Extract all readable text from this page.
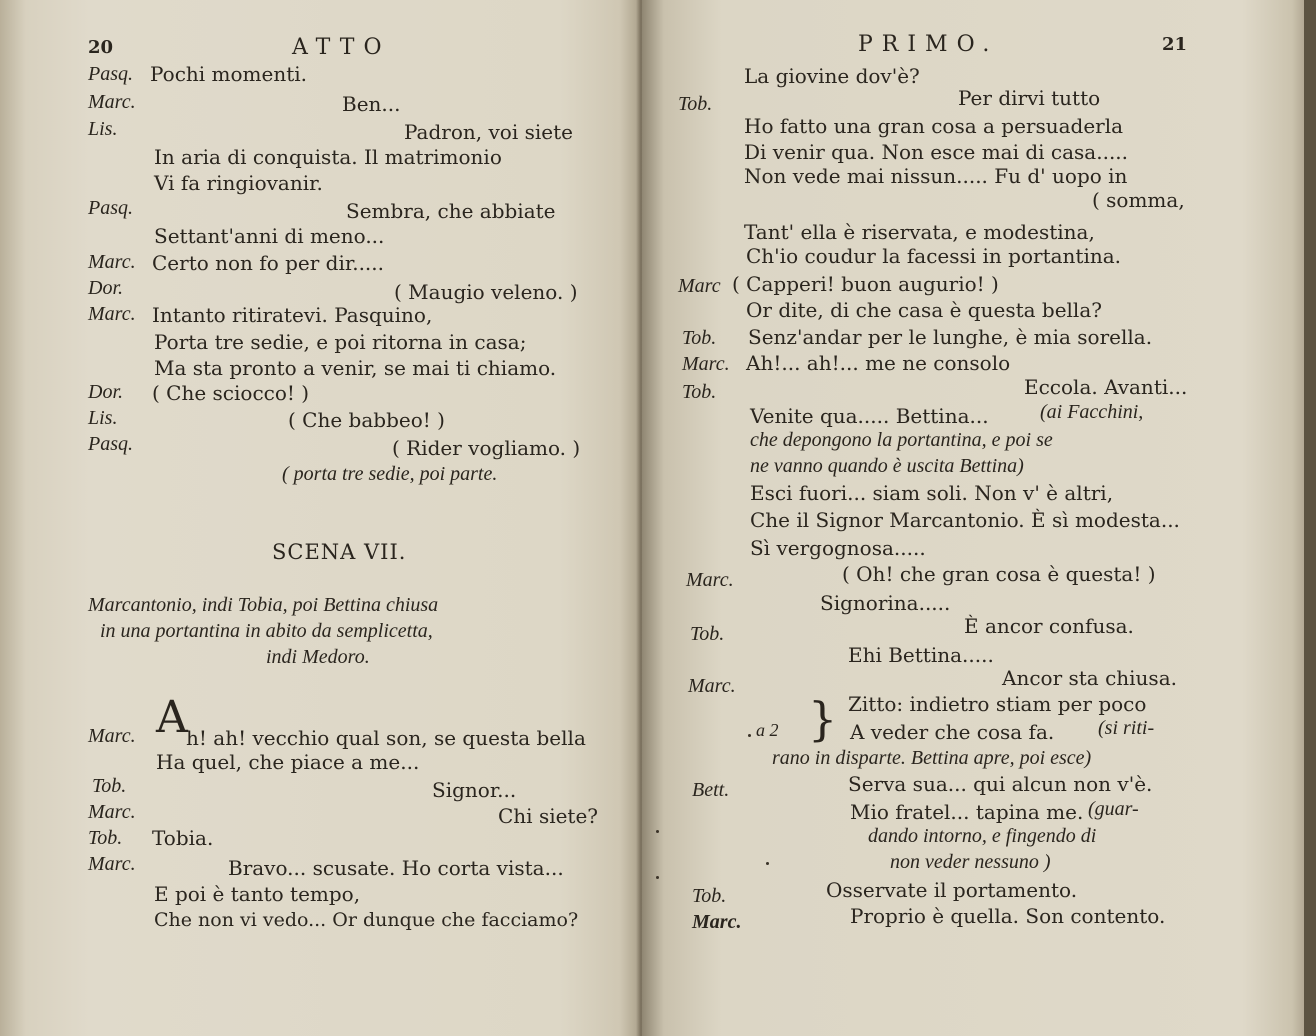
20	ATTO
Pasq. Pochi momenti.
Marc.	Ben...
Lis.	Padron, voi siete
In aria di conquista. Il matrimonio
Vi fa ringiovanir.
Pasq.	Sembra, che abbiate
Settant'anni di meno...
Marc. Certo non fo per dir.....
Dor.	( Maugio veleno. )
Marc. Intanto ritiratevi. Pasquino,
Porta tre sedie, e poi ritorna in casa;
Ma sta pronto a venir, se mai ti chiamo.
Dor. ( Che sciocco! )
Lis.	( Che babbeo! )
Pasq.	( Rider vogliamo. )
( porta tre sedie, poi parte.
SCENA VII.
Marcantonio, indi Tobia, poi Bettina chiusa
in una portantina in abito da semplicetta,
indi Medoro.
Marc. A
h! ah! vecchio qual son, se questa bella
Ha quel, che piace a me...
Tob.	Signor...
Marc.	Chi siete?
Tob. Tobia.
Marc.	Bravo... scusate. Ho corta vista...
E poi è tanto tempo,
Che non vi vedo... Or dunque che facciamo?
PRIMO.	21
La giovine dov'è?
Tob.	Per dirvi tutto
Ho fatto una gran cosa a persuaderla
Di venir qua. Non esce mai di casa.....
Non vede mai nissun..... Fu d' uopo in
( somma,
Tant' ella è riservata, e modestina,
Ch'io coudur la facessi in portantina.
Marc ( Capperi! buon augurio! )
Or dite, di che casa è questa bella?
Tob. Senz'andar per le lunghe, è mia sorella.
Marc. Ah!... ah!... me ne consolo
Tob.	Eccola. Avanti...
Venite qua..... Bettina...	(ai Facchini,
che depongono la portantina, e poi se
ne vanno quando è uscita Bettina)
Esci fuori... siam soli. Non v' è altri,
Che il Signor Marcantonio. È sì modesta...
Sì vergognosa.....
Marc.	( Oh! che gran cosa è questa! )
Signorina.....
Tob.	È ancor confusa.
Ehi Bettina.....
Marc.	Ancor sta chiusa.
a 2 } Zitto: indietro stiam per poco
A veder che cosa fa. (si riti-
rano in disparte. Bettina apre, poi esce)
Bett.	Serva sua... qui alcun non v'è.
Mio fratel... tapina me. (guar-
dando intorno, e fingendo di
non veder nessuno )
Tob.	Osservate il portamento.
Marc.	Proprio è quella. Son contento.
